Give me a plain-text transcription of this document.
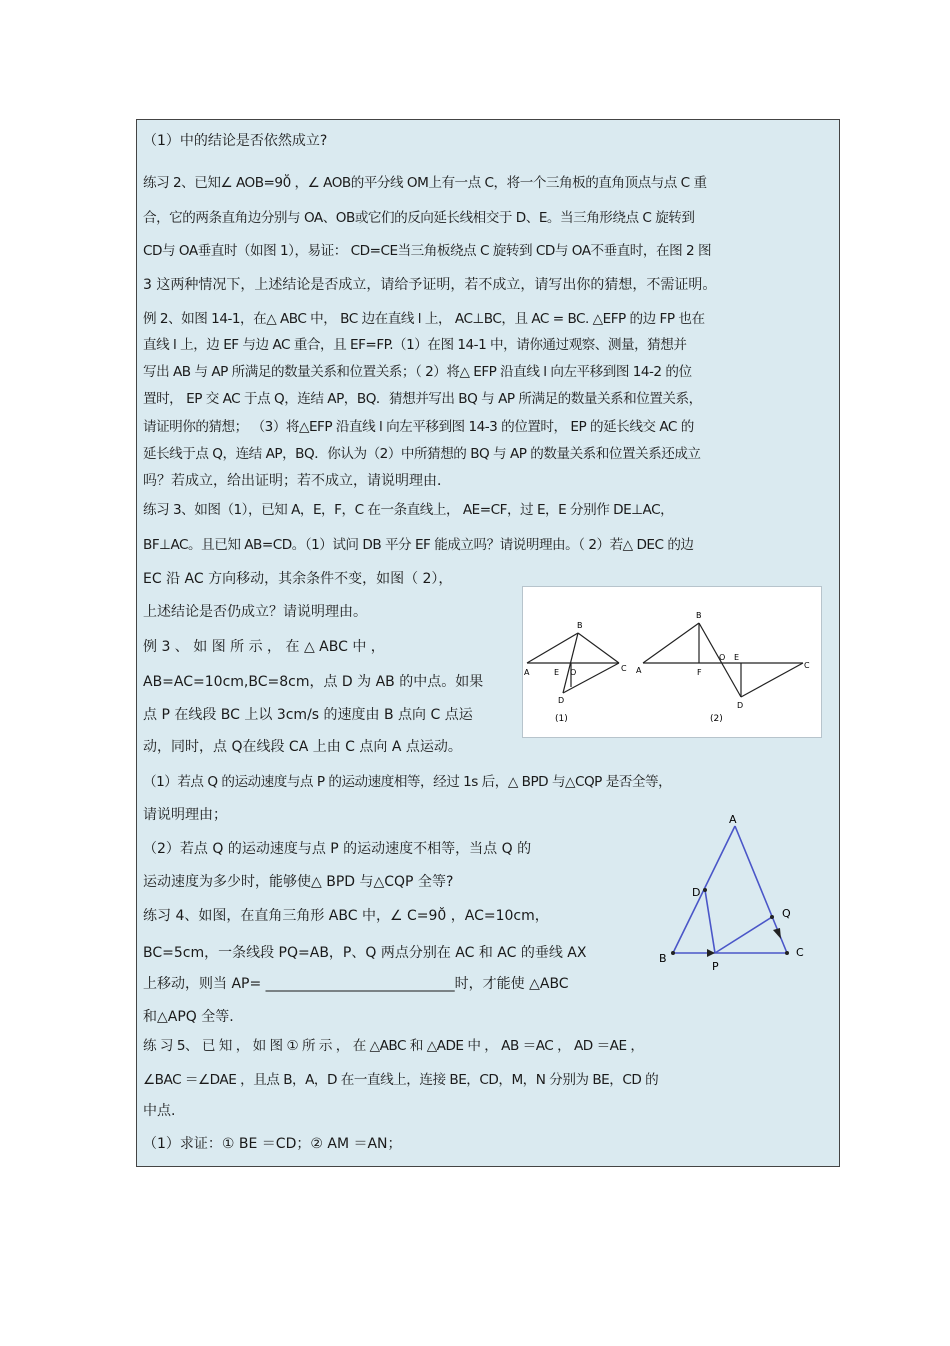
（1）中的结论是否依然成立?
练习 2、已知∠ AOB=90̊ ，∠ AOB的平分线 OM上有一点 C，将一个三角板的直角顶点与点 C 重
合，它的两条直角边分别与 OA、OB或它们的反向延长线相交于 D、E。当三角形绕点 C 旋转到
CD与 OA垂直时（如图 1），易证： CD=CE当三角板绕点 C 旋转到 CD与 OA不垂直时，在图 2 图
3 这两种情况下，上述结论是否成立，请给予证明，若不成立，请写出你的猜想，不需证明。
例 2、如图 14-1，在△ ABC 中， BC 边在直线 l 上， AC⊥BC，且 AC = BC. △EFP 的边 FP 也在
直线 l 上，边 EF 与边 AC 重合，且 EF=FP.（1）在图 14-1 中，请你通过观察、测量，猜想并
写出 AB 与 AP 所满足的数量关系和位置关系；（ 2）将△ EFP 沿直线 l 向左平移到图 14-2 的位
置时， EP 交 AC 于点 Q，连结 AP，BQ．猜想并写出 BQ 与 AP 所满足的数量关系和位置关系，
请证明你的猜想； （3）将△EFP 沿直线 l 向左平移到图 14-3 的位置时， EP 的延长线交 AC 的
延长线于点 Q，连结 AP，BQ．你认为（2）中所猜想的 BQ 与 AP 的数量关系和位置关系还成立
吗？若成立，给出证明；若不成立，请说明理由．
练习 3、如图（1），已知 A，E，F，C 在一条直线上， AE=CF，过 E，E 分别作 DE⊥AC，
BF⊥AC。且已知 AB=CD。（1）试问 DB 平分 EF 能成立吗？请说明理由。（ 2）若△ DEC 的边
EC 沿 AC 方向移动，其余条件不变，如图（ 2），
上述结论是否仍成立？请说明理由。
例 3 、 如 图 所 示 ， 在 △ ABC 中 ，
AB=AC=10cm,BC=8cm，点 D 为 AB 的中点。如果
点 P 在线段 BC 上以 3cm/s 的速度由 B 点向 C 点运
动，同时，点 Q在线段 CA 上由 C 点向 A 点运动。
（1）若点 Q 的运动速度与点 P 的运动速度相等，经过 1s 后，△ BPD 与△CQP 是否全等，
请说明理由；
（2）若点 Q 的运动速度与点 P 的运动速度不相等，当点 Q 的
运动速度为多少时，能够使△ BPD 与△CQP 全等?
练习 4、如图，在直角三角形 ABC 中，∠ C=90̊ ，AC=10cm，
BC=5cm，一条线段 PQ=AB，P、Q 两点分别在 AC 和 AC 的垂线 AX
上移动，则当 AP= ___________________________时，才能使 △ABC
和△APQ 全等.
练 习 5、 已 知 ， 如 图 ① 所 示 ， 在 △ABC 和 △ADE 中 ， AB ＝AC ， AD ＝AE ，
∠BAC ＝∠DAE ，且点 B，A，D 在一直线上，连接 BE，CD，M，N 分别为 BE，CD 的
中点.
（1）求证：① BE ＝CD；② AM ＝AN；
A
B
C
D
E O
(1)
A
B
C
D
E
F
O
(2)
A
D
Q
B	C
P
